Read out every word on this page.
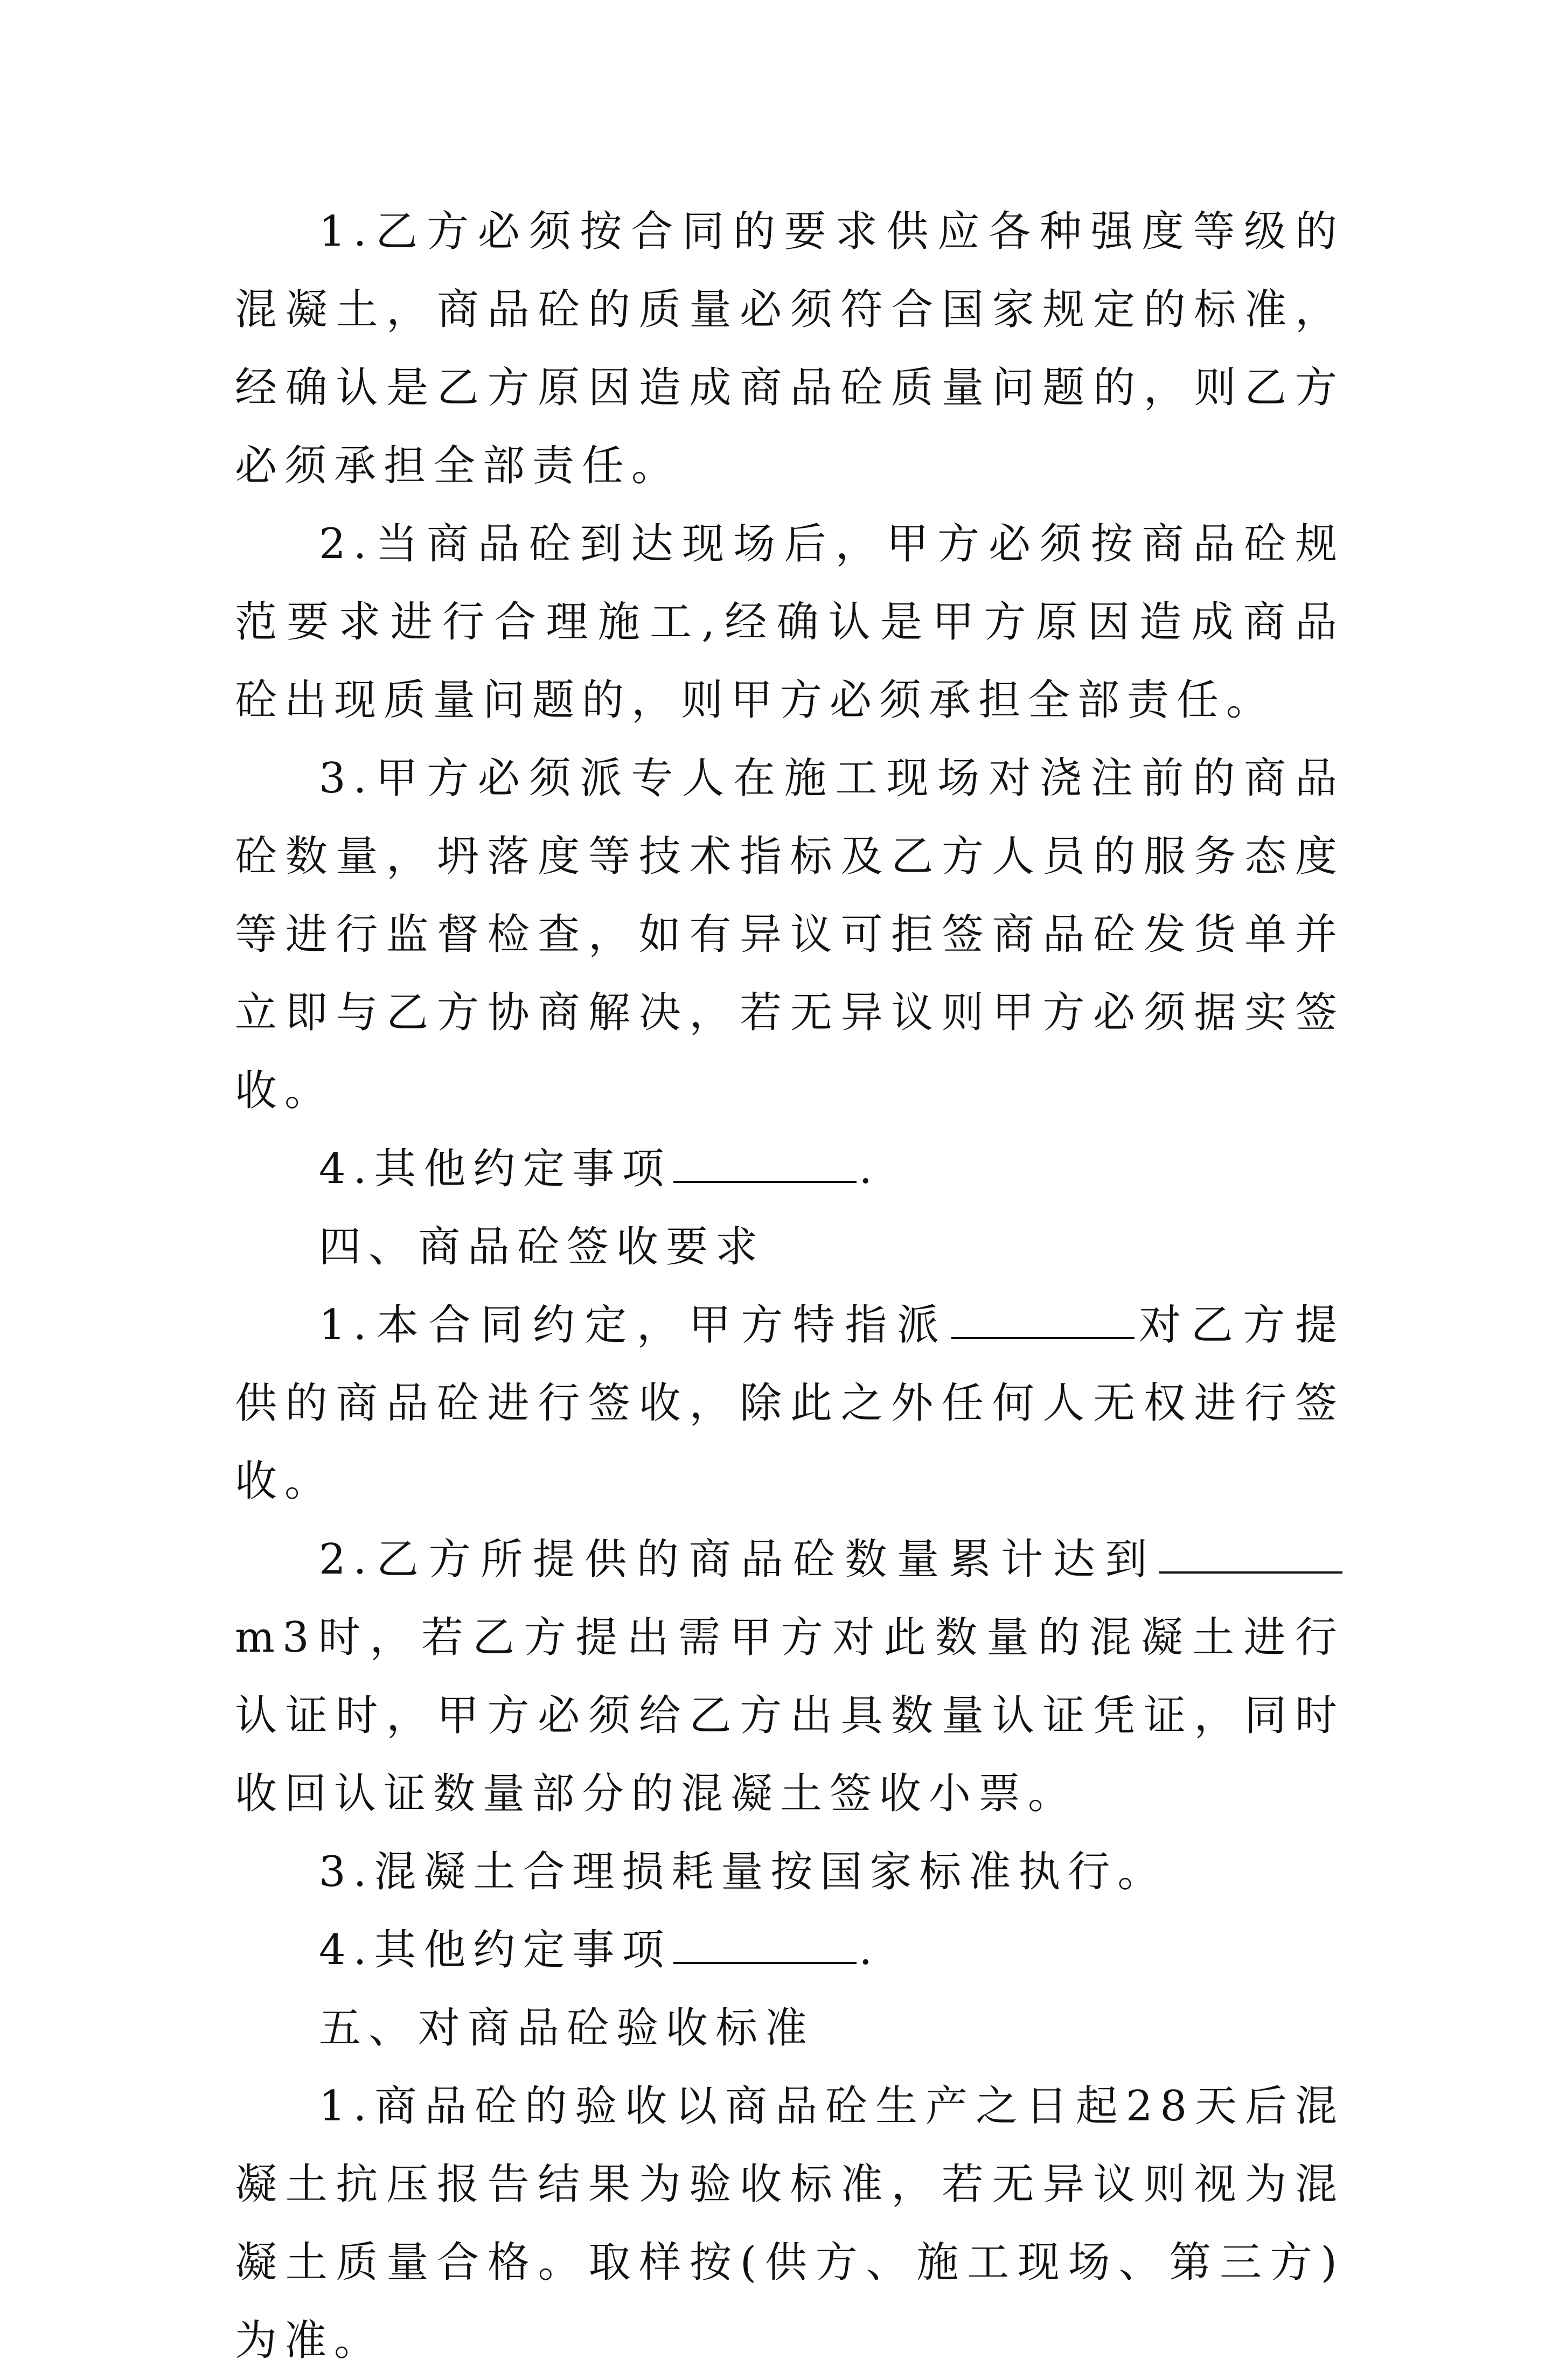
1.乙方必须按合同的要求供应各种强度等级的混凝土，商品砼的质量必须符合国家规定的标准，经确认是乙方原因造成商品砼质量问题的，则乙方必须承担全部责任。

2.当商品砼到达现场后，甲方必须按商品砼规范要求进行合理施工,经确认是甲方原因造成商品砼出现质量问题的，则甲方必须承担全部责任。

3.甲方必须派专人在施工现场对浇注前的商品砼数量，坍落度等技术指标及乙方人员的服务态度等进行监督检查，如有异议可拒签商品砼发货单并立即与乙方协商解决，若无异议则甲方必须据实签收。

4.其他约定事项	.

四、商品砼签收要求

1.本合同约定，甲方特指派	对乙方提供的商品砼进行签收，除此之外任何人无权进行签收。

2.乙方所提供的商品砼数量累计达到m3时，若乙方提出需甲方对此数量的混凝土进行认证时，甲方必须给乙方出具数量认证凭证，同时收回认证数量部分的混凝土签收小票。

3.混凝土合理损耗量按国家标准执行。

4.其他约定事项	.

五、对商品砼验收标准

1.商品砼的验收以商品砼生产之日起28天后混凝土抗压报告结果为验收标准，若无异议则视为混凝土质量合格。取样按(供方、施工现场、第三方)为准。
